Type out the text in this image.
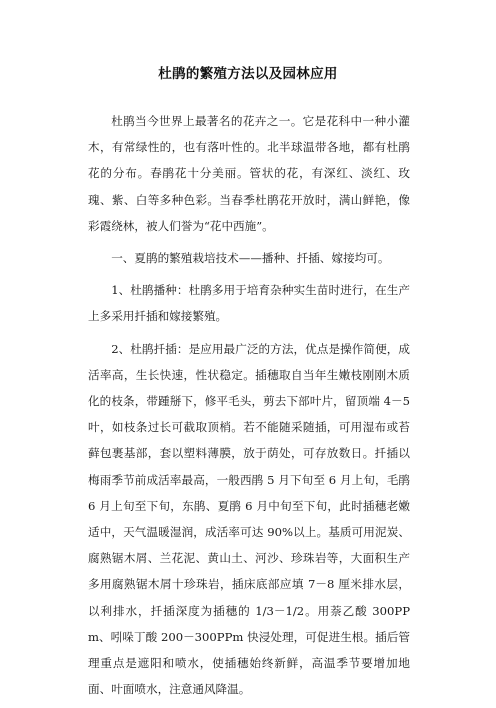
杜鹃的繁殖方法以及园林应用

杜鹃当今世界上最著名的花卉之一。它是花科中一种小灌木，有常绿性的，也有落叶性的。北半球温带各地，都有杜鹃花的分布。春鹃花十分美丽。管状的花，有深红、淡红、玫瑰、紫、白等多种色彩。当春季杜鹃花开放时，满山鲜艳，像彩霞绕林，被人们誉为“花中西施”。

一、夏鹃的繁殖栽培技术——播种、扦插、嫁接均可。

1、杜鹃播种：杜鹃多用于培育杂种实生苗时进行，在生产上多采用扦插和嫁接繁殖。

2、杜鹃扦插：是应用最广泛的方法，优点是操作简便，成活率高，生长快速，性状稳定。插穗取自当年生嫩枝刚刚木质化的枝条，带踵掰下，修平毛头，剪去下部叶片，留顶端 4－5 叶，如枝条过长可截取顶梢。若不能随采随插，可用湿布或苔藓包裹基部，套以塑料薄膜，放于荫处，可存放数日。扦插以梅雨季节前成活率最高，一般西鹃 5 月下旬至 6 月上旬，毛鹃 6 月上旬至下旬，东鹃、夏鹃 6 月中旬至下旬，此时插穗老嫩适中，天气温暖湿润，成活率可达 90%以上。基质可用泥炭、腐熟锯木屑、兰花泥、黄山土、河沙、珍珠岩等，大面积生产多用腐熟锯木屑十珍珠岩，插床底部应填 7－8 厘米排水层，以利排水，扦插深度为插穗的 1/3－1/2。用萘乙酸 300PPm、吲哚丁酸 200－300PPm 快浸处理，可促进生根。插后管理重点是遮阳和喷水，使插穗始终新鲜，高温季节要增加地面、叶面喷水，注意通风降温。
